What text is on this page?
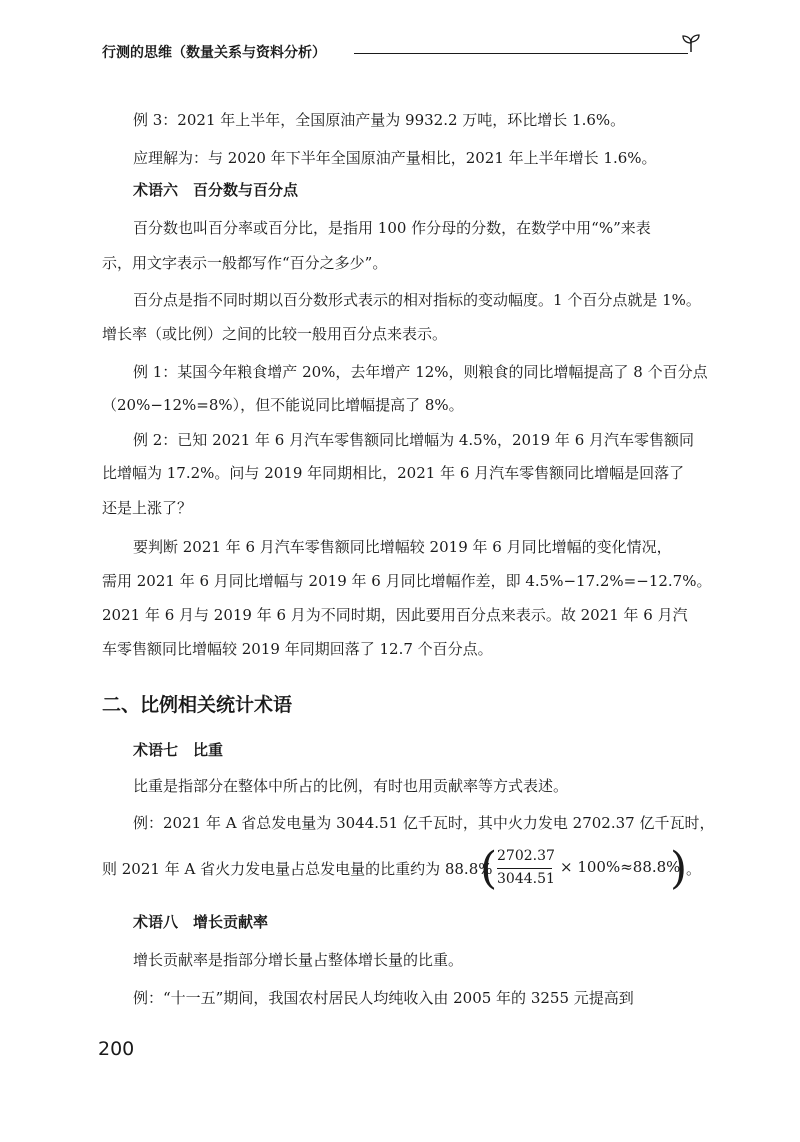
行测的思维（数量关系与资料分析）
例 3：2021 年上半年，全国原油产量为 9932.2 万吨，环比增长 1.6%。
应理解为：与 2020 年下半年全国原油产量相比，2021 年上半年增长 1.6%。
术语六　百分数与百分点
百分数也叫百分率或百分比，是指用 100 作分母的分数，在数学中用“%”来表
示，用文字表示一般都写作“百分之多少”。
百分点是指不同时期以百分数形式表示的相对指标的变动幅度。1 个百分点就是 1%。
增长率（或比例）之间的比较一般用百分点来表示。
例 1：某国今年粮食增产 20%，去年增产 12%，则粮食的同比增幅提高了 8 个百分点
（20%−12%=8%），但不能说同比增幅提高了 8%。
例 2：已知 2021 年 6 月汽车零售额同比增幅为 4.5%，2019 年 6 月汽车零售额同
比增幅为 17.2%。问与 2019 年同期相比，2021 年 6 月汽车零售额同比增幅是回落了
还是上涨了？
要判断 2021 年 6 月汽车零售额同比增幅较 2019 年 6 月同比增幅的变化情况，
需用 2021 年 6 月同比增幅与 2019 年 6 月同比增幅作差，即 4.5%−17.2%=−12.7%。
2021 年 6 月与 2019 年 6 月为不同时期，因此要用百分点来表示。故 2021 年 6 月汽
车零售额同比增幅较 2019 年同期回落了 12.7 个百分点。
二、比例相关统计术语
术语七　比重
比重是指部分在整体中所占的比例，有时也用贡献率等方式表述。
例：2021 年 A 省总发电量为 3044.51 亿千瓦时，其中火力发电 2702.37 亿千瓦时，
则 2021 年 A 省火力发电量占总发电量的比重约为 88.8%
( $\frac{2702.37}{3044.51} \times 100\%\approx 88.8\%$
)
。
术语八　增长贡献率
增长贡献率是指部分增长量占整体增长量的比重。
例：“十一五”期间，我国农村居民人均纯收入由 2005 年的 3255 元提高到
200
